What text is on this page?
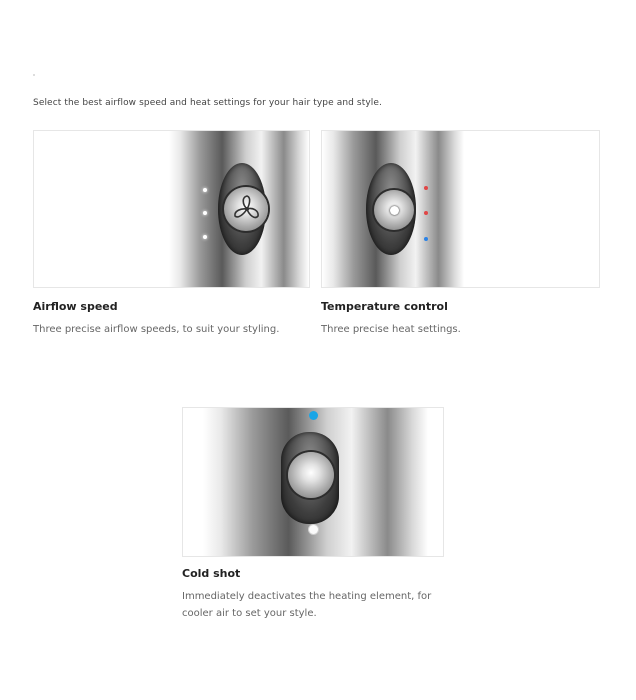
Select the best airflow speed and heat settings for your hair type and style.
Airflow speed
Three precise airflow speeds, to suit your styling.
Temperature control
Three precise heat settings.
Cold shot
Immediately deactivates the heating element, for cooler air to set your style.
